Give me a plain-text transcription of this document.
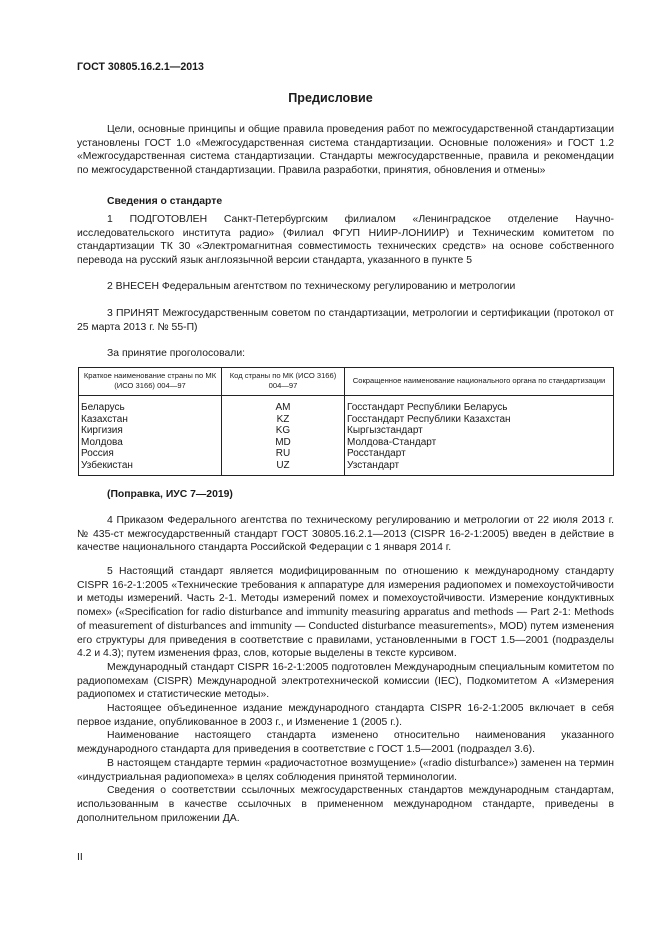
ГОСТ 30805.16.2.1—2013
Предисловие

Цели, основные принципы и общие правила проведения работ по межгосударственной стандартизации установлены ГОСТ 1.0 «Межгосударственная система стандартизации. Основные положения» и ГОСТ 1.2 «Межгосударственная система стандартизации. Стандарты межгосударственные, правила и рекомендации по межгосударственной стандартизации. Правила разработки, принятия, обновления и отмены»

Сведения о стандарте

1 ПОДГОТОВЛЕН Санкт-Петербургским филиалом «Ленинградское отделение Научно-исследовательского института радио» (Филиал ФГУП НИИР-ЛОНИИР) и Техническим комитетом по стандартизации ТК 30 «Электромагнитная совместимость технических средств» на основе собственного перевода на русский язык англоязычной версии стандарта, указанного в пункте 5

2 ВНЕСЕН Федеральным агентством по техническому регулированию и метрологии

3 ПРИНЯТ Межгосударственным советом по стандартизации, метрологии и сертификации (протокол от 25 марта 2013 г. № 55-П)

За принятие проголосовали:

Краткое наименование страны по МК (ИСО 3166) 004—97	Код страны по МК (ИСО 3166) 004—97	Сокращенное наименование национального органа по стандартизации
Беларусь	AM	Госстандарт Республики Беларусь
Казахстан	KZ	Госстандарт Республики Казахстан
Киргизия	KG	Кыргызстандарт
Молдова	MD	Молдова-Стандарт
Россия	RU	Росстандарт
Узбекистан	UZ	Узстандарт

(Поправка, ИУС 7—2019)

4 Приказом Федерального агентства по техническому регулированию и метрологии от 22 июля 2013 г. № 435-ст межгосударственный стандарт ГОСТ 30805.16.2.1—2013 (CISPR 16-2-1:2005) введен в действие в качестве национального стандарта Российской Федерации с 1 января 2014 г.

5 Настоящий стандарт является модифицированным по отношению к международному стандарту CISPR 16-2-1:2005 «Технические требования к аппаратуре для измерения радиопомех и помехоустойчивости и методы измерений. Часть 2-1. Методы измерений помех и помехоустойчивости. Измерение кондуктивных помех» («Specification for radio disturbance and immunity measuring apparatus and methods — Part 2-1: Methods of measurement of disturbances and immunity — Conducted disturbance measurements», MOD) путем изменения его структуры для приведения в соответствие с правилами, установленными в ГОСТ 1.5—2001 (подразделы 4.2 и 4.3); путем изменения фраз, слов, которые выделены в тексте курсивом.

Международный стандарт CISPR 16-2-1:2005 подготовлен Международным специальным комитетом по радиопомехам (CISPR) Международной электротехнической комиссии (IEC), Подкомитетом А «Измерения радиопомех и статистические методы».

Настоящее объединенное издание международного стандарта CISPR 16-2-1:2005 включает в себя первое издание, опубликованное в 2003 г., и Изменение 1 (2005 г.).

Наименование настоящего стандарта изменено относительно наименования указанного международного стандарта для приведения в соответствие с ГОСТ 1.5—2001 (подраздел 3.6).

В настоящем стандарте термин «радиочастотное возмущение» («radio disturbance») заменен на термин «индустриальная радиопомеха» в целях соблюдения принятой терминологии.

Сведения о соответствии ссылочных межгосударственных стандартов международным стандартам, использованным в качестве ссылочных в примененном международном стандарте, приведены в дополнительном приложении ДА.

II
